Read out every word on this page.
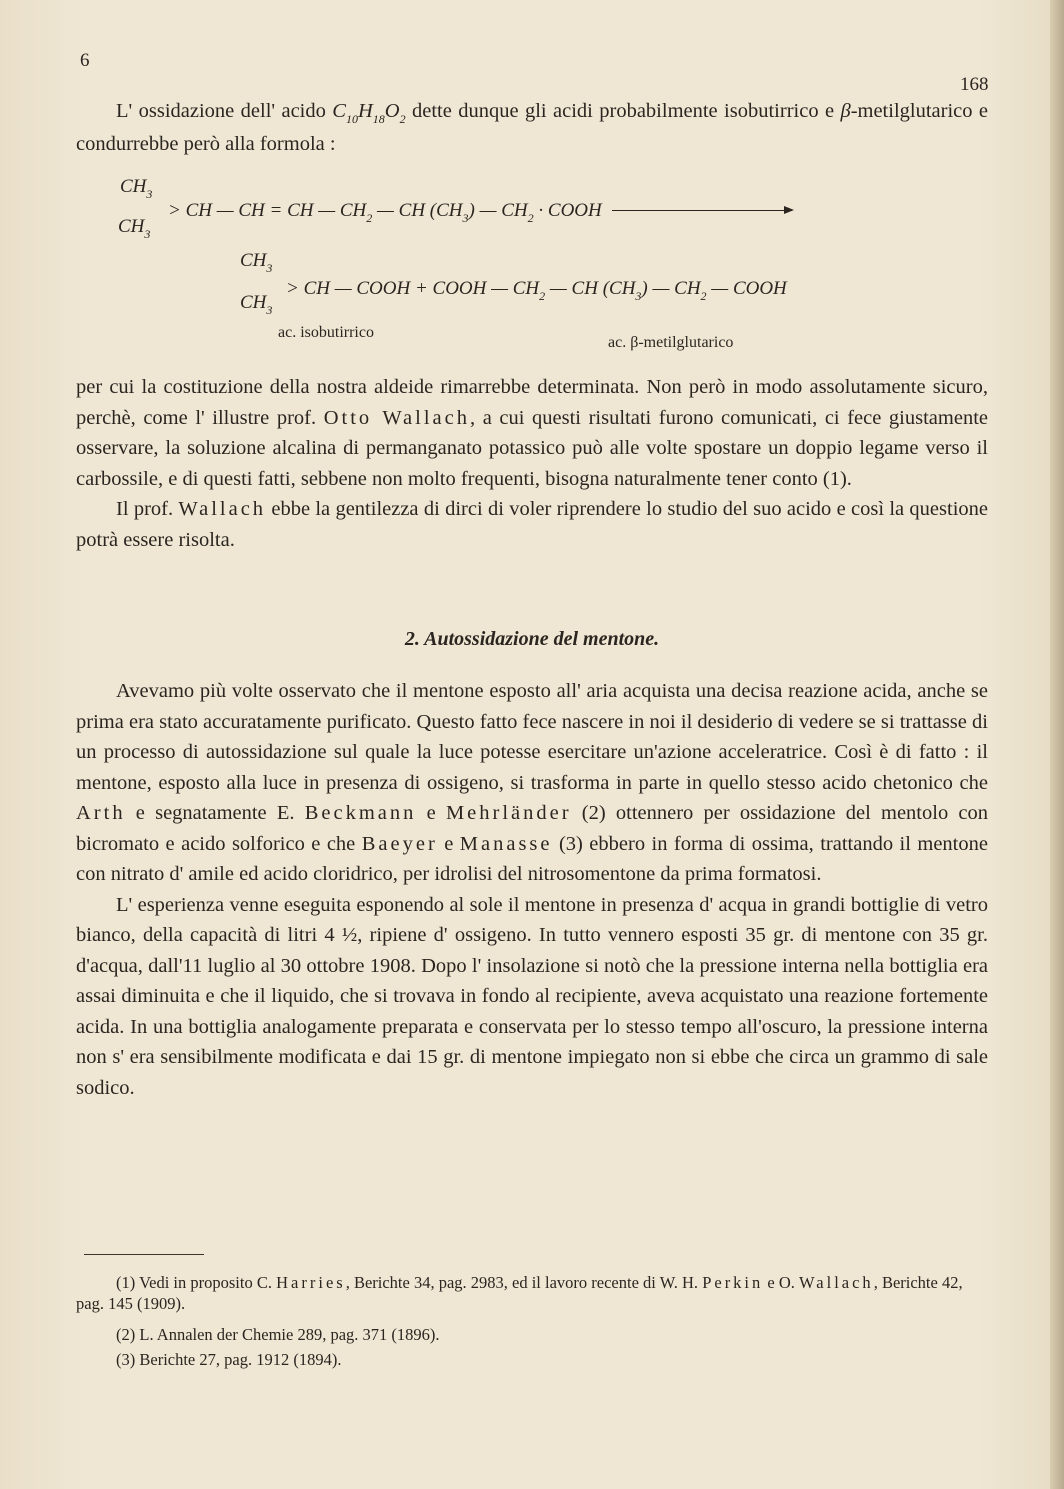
6
168

L' ossidazione dell' acido $C_{10}H_{18}O_2$ dette dunque gli acidi probabilmente isobutirrico e β-metilglutarico e condurrebbe però alla formola :

$CH_3$
$CH_3$
> CH — CH = CH — $CH_2$ — CH $(CH_3)$ — $CH_2$ · COOH
$CH_3$
$CH_3$
> CH — COOH + COOH — $CH_2$ — CH $(CH_3)$ — $CH_2$ — COOH
ac. isobutirrico
ac. β-metilglutarico

per cui la costituzione della nostra aldeide rimarrebbe determinata. Non però in modo assolutamente sicuro, perchè, come l' illustre prof. Otto Wallach, a cui questi risultati furono comunicati, ci fece giustamente osservare, la soluzione alcalina di permanganato potassico può alle volte spostare un doppio legame verso il carbossile, e di questi fatti, sebbene non molto frequenti, bisogna naturalmente tener conto (1).

Il prof. Wallach ebbe la gentilezza di dirci di voler riprendere lo studio del suo acido e così la questione potrà essere risolta.

2. Autossidazione del mentone.

Avevamo più volte osservato che il mentone esposto all' aria acquista una decisa reazione acida, anche se prima era stato accuratamente purificato. Questo fatto fece nascere in noi il desiderio di vedere se si trattasse di un processo di autossidazione sul quale la luce potesse esercitare un'azione acceleratrice. Così è di fatto : il mentone, esposto alla luce in presenza di ossigeno, si trasforma in parte in quello stesso acido chetonico che Arth e segnatamente E. Beckmann e Mehrländer (2) ottennero per ossidazione del mentolo con bicromato e acido solforico e che Baeyer e Manasse (3) ebbero in forma di ossima, trattando il mentone con nitrato d' amile ed acido cloridrico, per idrolisi del nitrosomentone da prima formatosi.

L' esperienza venne eseguita esponendo al sole il mentone in presenza d' acqua in grandi bottiglie di vetro bianco, della capacità di litri 4 ½, ripiene d' ossigeno. In tutto vennero esposti 35 gr. di mentone con 35 gr. d'acqua, dall'11 luglio al 30 ottobre 1908. Dopo l' insolazione si notò che la pressione interna nella bottiglia era assai diminuita e che il liquido, che si trovava in fondo al recipiente, aveva acquistato una reazione fortemente acida. In una bottiglia analogamente preparata e conservata per lo stesso tempo all'oscuro, la pressione interna non s' era sensibilmente modificata e dai 15 gr. di mentone impiegato non si ebbe che circa un grammo di sale sodico.

(1) Vedi in proposito C. Harries, Berichte 34, pag. 2983, ed il lavoro recente di W. H. Perkin e O. Wallach, Berichte 42, pag. 145 (1909).

(2) L. Annalen der Chemie 289, pag. 371 (1896).

(3) Berichte 27, pag. 1912 (1894).
